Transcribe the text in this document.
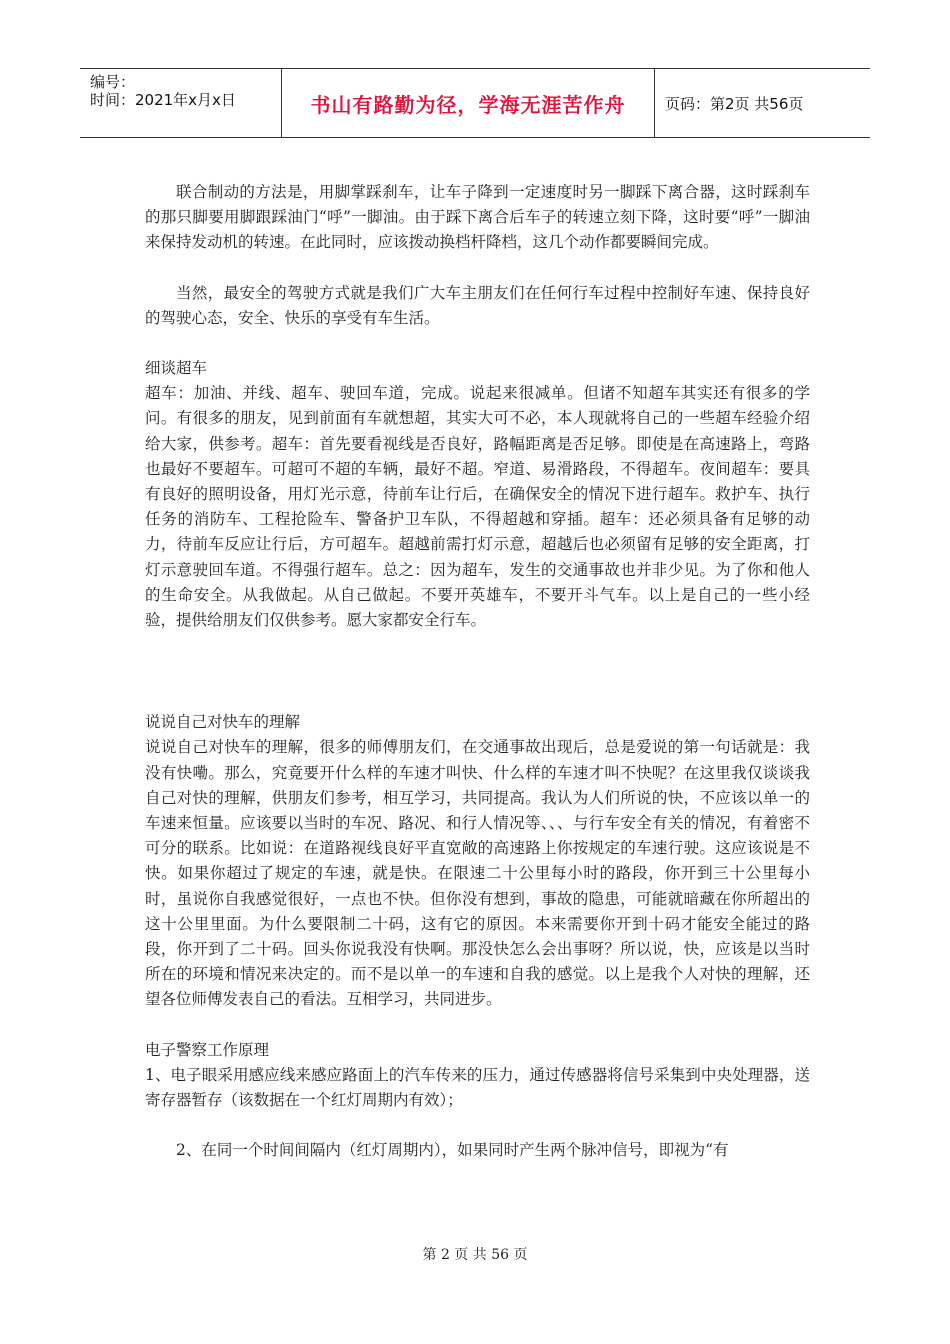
编号：
时间：2021年x月x日	书山有路勤为径，学海无涯苦作舟	页码：第2页 共56页

联合制动的方法是，用脚掌踩刹车，让车子降到一定速度时另一脚踩下离合器，这时踩刹车的那只脚要用脚跟踩油门“呼”一脚油。由于踩下离合后车子的转速立刻下降，这时要“呼”一脚油来保持发动机的转速。在此同时，应该拨动换档杆降档，这几个动作都要瞬间完成。

当然，最安全的驾驶方式就是我们广大车主朋友们在任何行车过程中控制好车速、保持良好的驾驶心态，安全、快乐的享受有车生活。

细谈超车

超车：加油、并线、超车、驶回车道，完成。说起来很减单。但诸不知超车其实还有很多的学问。有很多的朋友，见到前面有车就想超，其实大可不必，本人现就将自己的一些超车经验介绍给大家，供参考。超车：首先要看视线是否良好，路幅距离是否足够。即使是在高速路上，弯路也最好不要超车。可超可不超的车辆，最好不超。窄道、易滑路段，不得超车。夜间超车：要具有良好的照明设备，用灯光示意，待前车让行后，在确保安全的情况下进行超车。救护车、执行任务的消防车、工程抢险车、警备护卫车队，不得超越和穿插。超车：还必须具备有足够的动力，待前车反应让行后，方可超车。超越前需打灯示意，超越后也必须留有足够的安全距离，打灯示意驶回车道。不得强行超车。总之：因为超车，发生的交通事故也并非少见。为了你和他人的生命安全。从我做起。从自己做起。不要开英雄车，不要开斗气车。以上是自己的一些小经验，提供给朋友们仅供参考。愿大家都安全行车。

说说自己对快车的理解

说说自己对快车的理解，很多的师傅朋友们，在交通事故出现后，总是爱说的第一句话就是：我没有快嘞。那么，究竟要开什么样的车速才叫快、什么样的车速才叫不快呢？在这里我仅谈谈我自己对快的理解，供朋友们参考，相互学习，共同提高。我认为人们所说的快，不应该以单一的车速来恒量。应该要以当时的车况、路况、和行人情况等、、、与行车安全有关的情况，有着密不可分的联系。比如说：在道路视线良好平直宽敞的高速路上你按规定的车速行驶。这应该说是不快。如果你超过了规定的车速，就是快。在限速二十公里每小时的路段，你开到三十公里每小时，虽说你自我感觉很好，一点也不快。但你没有想到，事故的隐患，可能就暗藏在你所超出的这十公里里面。为什么要限制二十码，这有它的原因。本来需要你开到十码才能安全能过的路段，你开到了二十码。回头你说我没有快啊。那没快怎么会出事呀？所以说，快，应该是以当时所在的环境和情况来决定的。而不是以单一的车速和自我的感觉。以上是我个人对快的理解，还望各位师傅发表自己的看法。互相学习，共同进步。

电子警察工作原理

1、电子眼采用感应线来感应路面上的汽车传来的压力，通过传感器将信号采集到中央处理器，送寄存器暂存（该数据在一个红灯周期内有效）；

2、在同一个时间间隔内（红灯周期内），如果同时产生两个脉冲信号，即视为“有

第 2 页 共 56 页
